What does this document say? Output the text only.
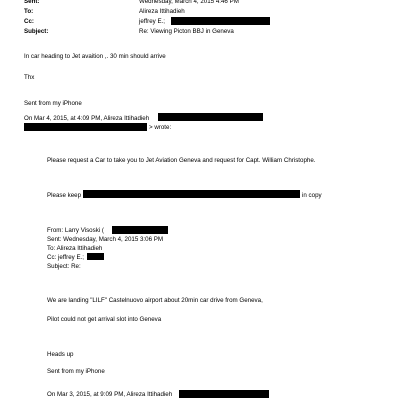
Sent:	Wednesday, March 4, 2015 4:46 PM
To:	Alireza Ittihadieh
Cc:	jeffrey E.;
Subject:	Re: Viewing Picton BBJ in Geneva
In car heading to Jet avaition ,. 30 min should arrive
Thx
Sent from my iPhone
On Mar 4, 2015, at 4:09 PM, Alireza Ittihadieh
> wrote:
Please request a Car to take you to Jet Aviation Geneva and request for Capt. William Christophe.
Please keep	in copy
From: Larry Visoski (
Sent: Wednesday, March 4, 2015 3:06 PM
To: Alireza Ittihadieh
Cc: jeffrey E.;
Subject: Re:
We are landing "LILF" Castelnuovo airport about 20min car drive from Geneva,
Pilot could not get arrival slot into Geneva
Heads up
Sent from my iPhone
On Mar 3, 2015, at 9:09 PM, Alireza Ittihadieh
